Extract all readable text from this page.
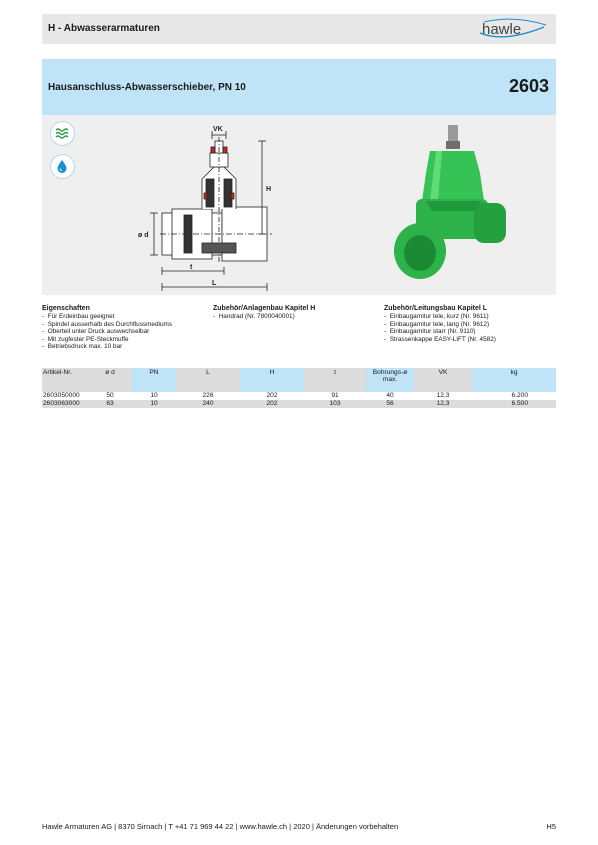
H - Abwasserarmaturen	hawle
Hausanschluss-Abwasserschieber, PN 10	2603
VK
H
ø d
t
L
Eigenschaften
-  Für Erdeinbau geeignet
-  Spindel ausserhalb des Durchflussmediums
-  Oberteil unter Druck auswechselbar
-  Mit zugfester PE-Steckmuffe
-  Betriebsdruck max. 10 bar
Zubehör/Anlagenbau Kapitel H
-  Handrad (Nr. 7800040001)
Zubehör/Leitungsbau Kapitel L
-  Einbaugarnitur tele, kurz (Nr. 9611)
-  Einbaugarnitur tele, lang (Nr. 9612)
-  Einbaugarnitur starr (Nr. 9110)
-  Strassenkappe EASY-LIFT (Nr. 4582)
Artikel-Nr.	ø d	PN	L	H	t	Bohrungs-ø max.	VK	kg
2603050000	50	10	226	202	91	40	12,3	6.200
2603063000	63	10	240	202	103	56	12,3	6.500
Hawle Armaturen AG | 8370 Sirnach | T +41 71 969 44 22 | www.hawle.ch | 2020 | Änderungen vorbehalten	H5
